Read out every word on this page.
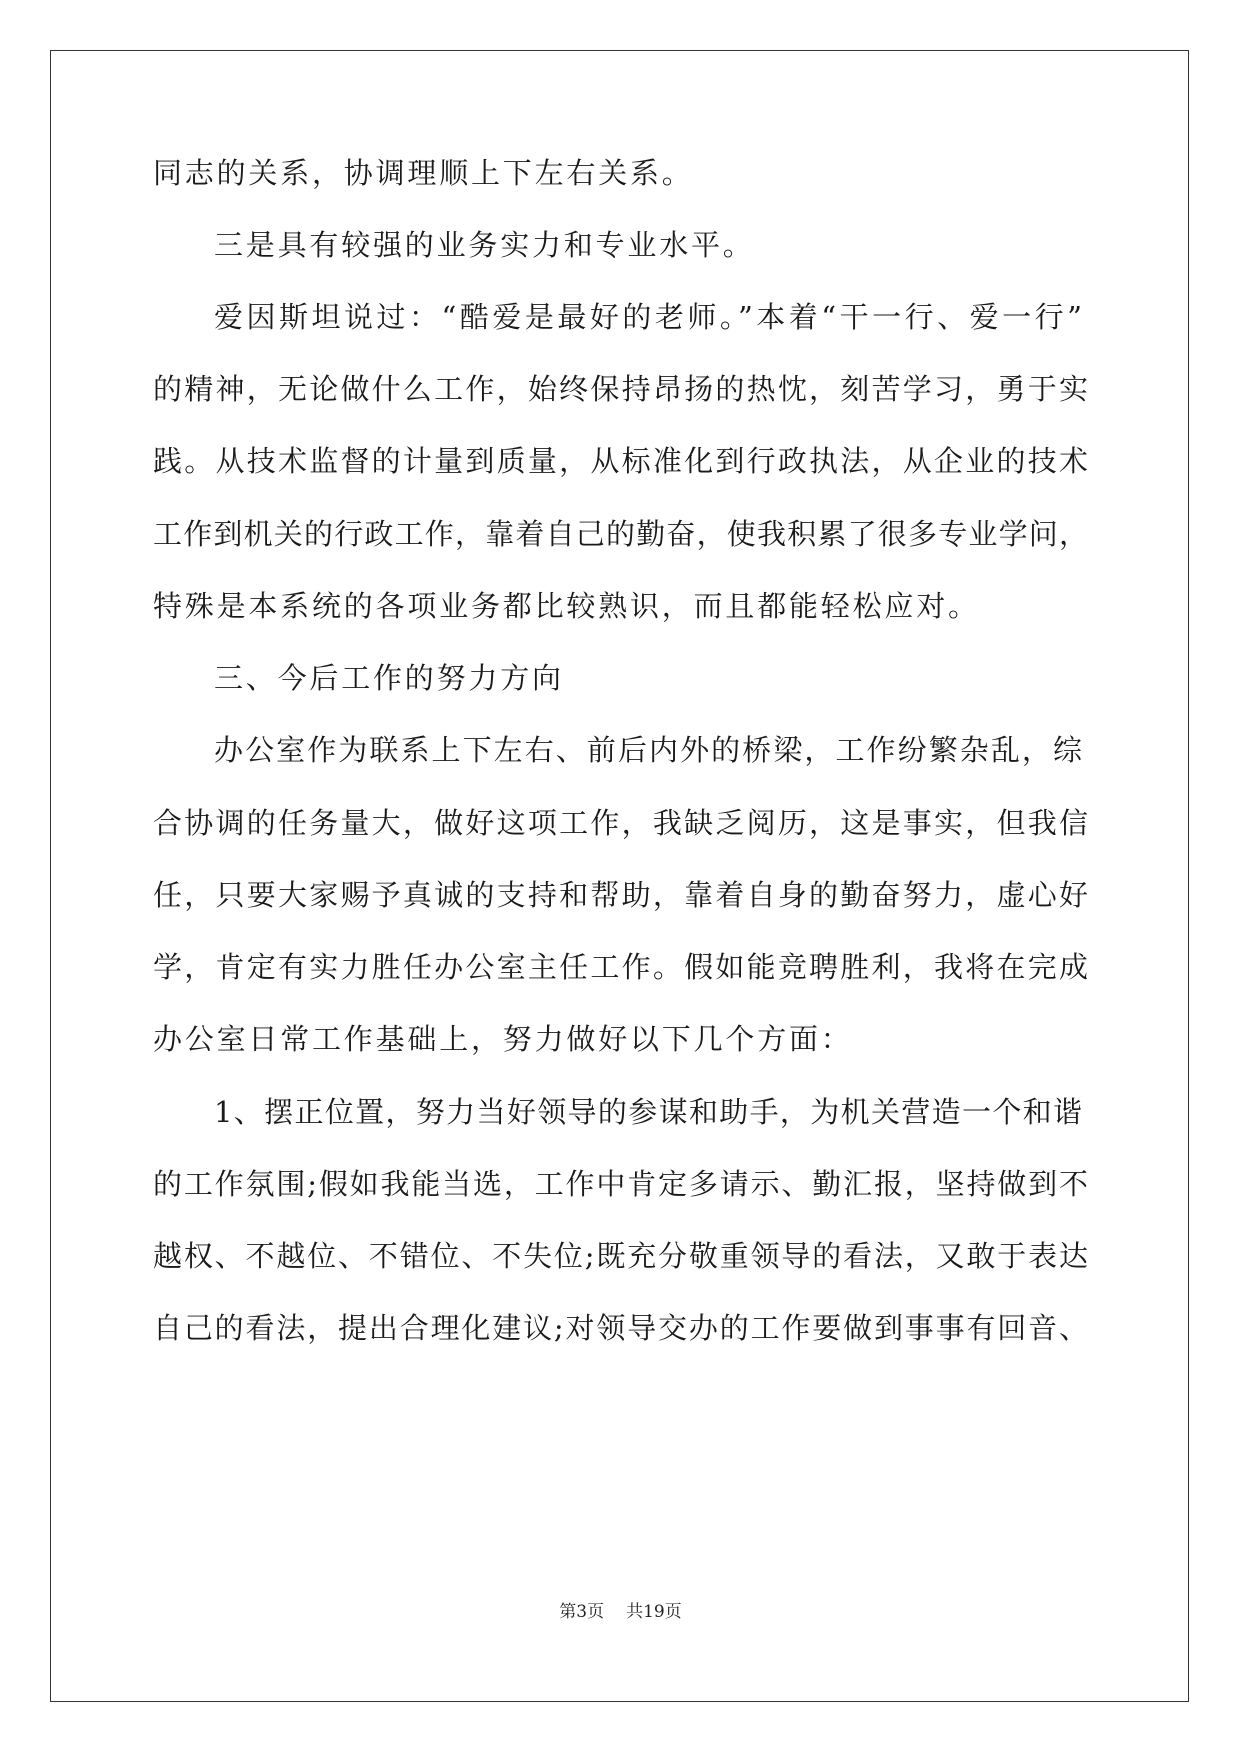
同志的关系，协调理顺上下左右关系。
三是具有较强的业务实力和专业水平。
爱因斯坦说过：“酷爱是最好的老师。”本着“干一行、爱一行”
的精神，无论做什么工作，始终保持昂扬的热忱，刻苦学习，勇于实
践。从技术监督的计量到质量，从标准化到行政执法，从企业的技术
工作到机关的行政工作，靠着自己的勤奋，使我积累了很多专业学问，
特殊是本系统的各项业务都比较熟识，而且都能轻松应对。
三、今后工作的努力方向
办公室作为联系上下左右、前后内外的桥梁，工作纷繁杂乱，综
合协调的任务量大，做好这项工作，我缺乏阅历，这是事实，但我信
任，只要大家赐予真诚的支持和帮助，靠着自身的勤奋努力，虚心好
学，肯定有实力胜任办公室主任工作。假如能竞聘胜利，我将在完成
办公室日常工作基础上，努力做好以下几个方面：
1、摆正位置，努力当好领导的参谋和助手，为机关营造一个和谐
的工作氛围;假如我能当选，工作中肯定多请示、勤汇报，坚持做到不
越权、不越位、不错位、不失位;既充分敬重领导的看法，又敢于表达
自己的看法，提出合理化建议;对领导交办的工作要做到事事有回音、
第3页 共19页
